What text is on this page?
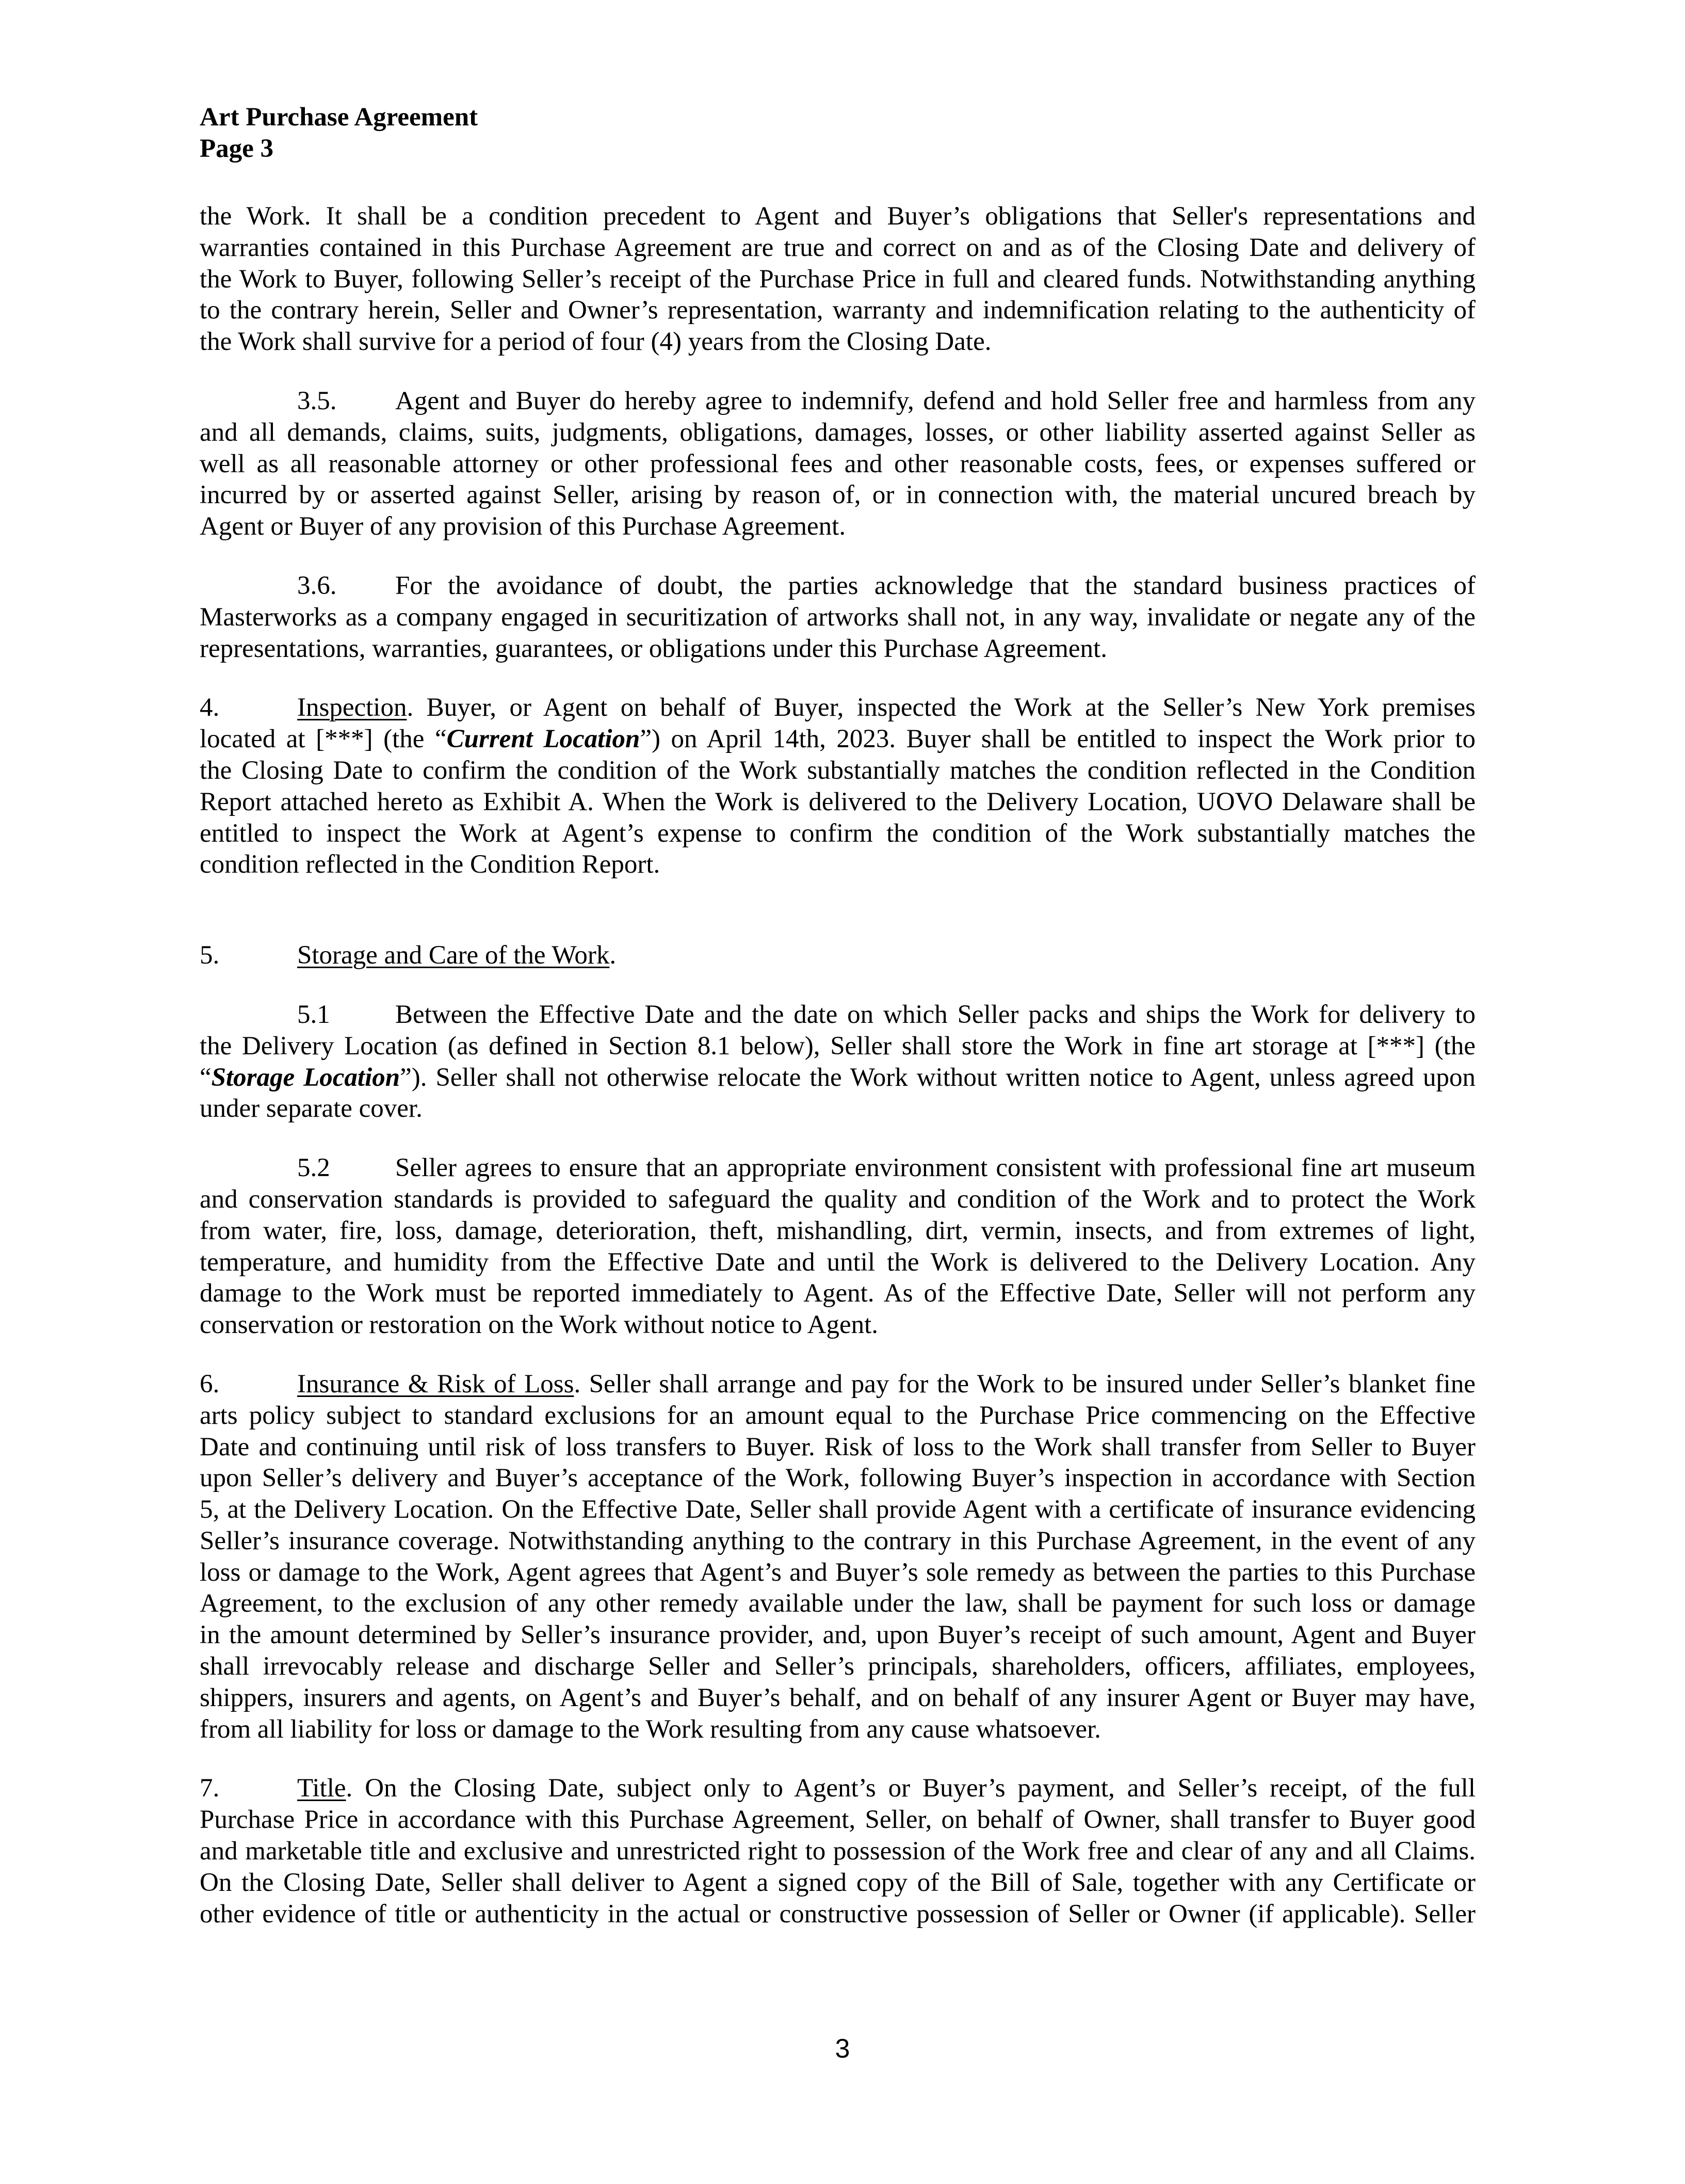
Art Purchase Agreement
Page 3
the Work. It shall be a condition precedent to Agent and Buyer’s obligations that Seller's representations and
warranties contained in this Purchase Agreement are true and correct on and as of the Closing Date and delivery of
the Work to Buyer, following Seller’s receipt of the Purchase Price in full and cleared funds. Notwithstanding anything
to the contrary herein, Seller and Owner’s representation, warranty and indemnification relating to the authenticity of
the Work shall survive for a period of four (4) years from the Closing Date.
3.5.	Agent and Buyer do hereby agree to indemnify, defend and hold Seller free and harmless from any
and all demands, claims, suits, judgments, obligations, damages, losses, or other liability asserted against Seller as
well as all reasonable attorney or other professional fees and other reasonable costs, fees, or expenses suffered or
incurred by or asserted against Seller, arising by reason of, or in connection with, the material uncured breach by
Agent or Buyer of any provision of this Purchase Agreement.
3.6.	For the avoidance of doubt, the parties acknowledge that the standard business practices of
Masterworks as a company engaged in securitization of artworks shall not, in any way, invalidate or negate any of the
representations, warranties, guarantees, or obligations under this Purchase Agreement.
4.	Inspection. Buyer, or Agent on behalf of Buyer, inspected the Work at the Seller’s New York premises
located at [***] (the “Current Location”) on April 14th, 2023. Buyer shall be entitled to inspect the Work prior to
the Closing Date to confirm the condition of the Work substantially matches the condition reflected in the Condition
Report attached hereto as Exhibit A. When the Work is delivered to the Delivery Location, UOVO Delaware shall be
entitled to inspect the Work at Agent’s expense to confirm the condition of the Work substantially matches the
condition reflected in the Condition Report.
5.	Storage and Care of the Work.
5.1	Between the Effective Date and the date on which Seller packs and ships the Work for delivery to
the Delivery Location (as defined in Section 8.1 below), Seller shall store the Work in fine art storage at [***] (the
“Storage Location”). Seller shall not otherwise relocate the Work without written notice to Agent, unless agreed upon
under separate cover.
5.2	Seller agrees to ensure that an appropriate environment consistent with professional fine art museum
and conservation standards is provided to safeguard the quality and condition of the Work and to protect the Work
from water, fire, loss, damage, deterioration, theft, mishandling, dirt, vermin, insects, and from extremes of light,
temperature, and humidity from the Effective Date and until the Work is delivered to the Delivery Location. Any
damage to the Work must be reported immediately to Agent. As of the Effective Date, Seller will not perform any
conservation or restoration on the Work without notice to Agent.
6.	Insurance & Risk of Loss. Seller shall arrange and pay for the Work to be insured under Seller’s blanket fine
arts policy subject to standard exclusions for an amount equal to the Purchase Price commencing on the Effective
Date and continuing until risk of loss transfers to Buyer. Risk of loss to the Work shall transfer from Seller to Buyer
upon Seller’s delivery and Buyer’s acceptance of the Work, following Buyer’s inspection in accordance with Section
5, at the Delivery Location. On the Effective Date, Seller shall provide Agent with a certificate of insurance evidencing
Seller’s insurance coverage. Notwithstanding anything to the contrary in this Purchase Agreement, in the event of any
loss or damage to the Work, Agent agrees that Agent’s and Buyer’s sole remedy as between the parties to this Purchase
Agreement, to the exclusion of any other remedy available under the law, shall be payment for such loss or damage
in the amount determined by Seller’s insurance provider, and, upon Buyer’s receipt of such amount, Agent and Buyer
shall irrevocably release and discharge Seller and Seller’s principals, shareholders, officers, affiliates, employees,
shippers, insurers and agents, on Agent’s and Buyer’s behalf, and on behalf of any insurer Agent or Buyer may have,
from all liability for loss or damage to the Work resulting from any cause whatsoever.
7.	Title. On the Closing Date, subject only to Agent’s or Buyer’s payment, and Seller’s receipt, of the full
Purchase Price in accordance with this Purchase Agreement, Seller, on behalf of Owner, shall transfer to Buyer good
and marketable title and exclusive and unrestricted right to possession of the Work free and clear of any and all Claims.
On the Closing Date, Seller shall deliver to Agent a signed copy of the Bill of Sale, together with any Certificate or
other evidence of title or authenticity in the actual or constructive possession of Seller or Owner (if applicable). Seller
3
